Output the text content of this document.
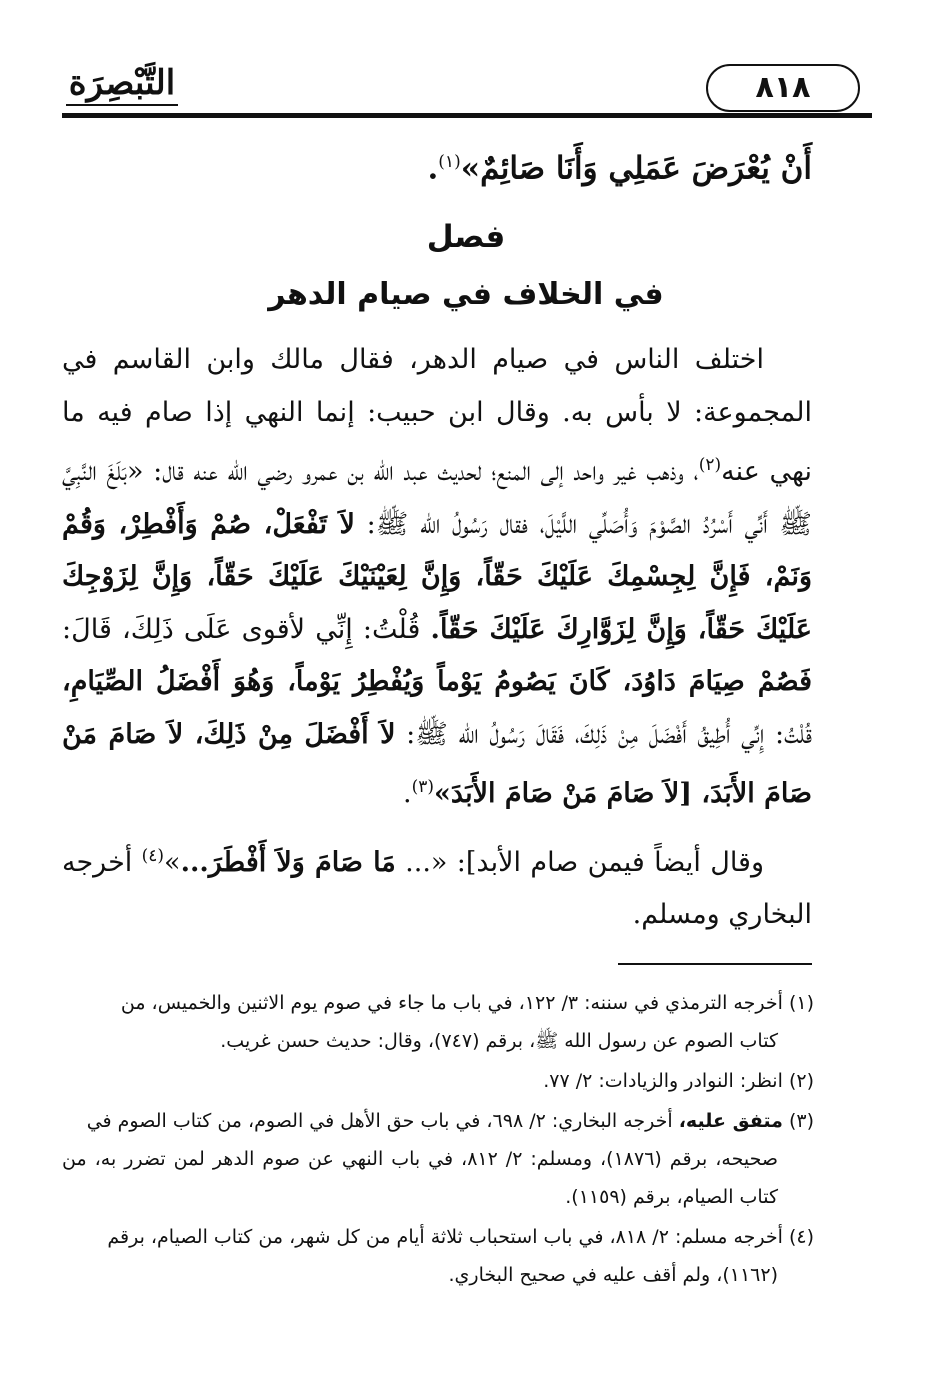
التَّبْصِرَة	٨١٨
أَنْ يُعْرَضَ عَمَلِي وَأَنَا صَائِمٌ»$^{(١)}$.
فصل
في الخلاف في صيام الدهر

اختلف الناس في صيام الدهر، فقال مالك وابن القاسم في المجموعة: لا بأس به. وقال ابن حبيب: إنما النهي إذا صام فيه ما نهي عنه$^{(٢)}$، وذهب غير واحد إلى المنع؛ لحديث عبد الله بن عمرو رضي الله عنه قال: «بَلَغَ النَّبِيَّ ﷺ أَنِّي أَسْرُدُ الصَّوْمَ وَأُصَلِّي اللَّيْلَ، فقال رَسُولُ الله ﷺ: لاَ تَفْعَلْ، صُمْ وَأَفْطِرْ، وَقُمْ وَنَمْ، فَإِنَّ لِجِسْمِكَ عَلَيْكَ حَقّاً، وَإِنَّ لِعَيْنَيْكَ عَلَيْكَ حَقّاً، وَإِنَّ لِزَوْجِكَ عَلَيْكَ حَقّاً، وَإِنَّ لِزَوَّارِكَ عَلَيْكَ حَقّاً. قُلْتُ: إِنِّي لأقوى عَلَى ذَلِكَ، قَالَ: فَصُمْ صِيَامَ دَاوُدَ، كَانَ يَصُومُ يَوْماً وَيُفْطِرُ يَوْماً، وَهُوَ أَفْضَلُ الصِّيَامِ، قُلْتُ: إِنِّي أُطِيقُ أَفْضَلَ مِنْ ذَلِكَ، فَقَالَ رَسُولُ الله ﷺ: لاَ أَفْضَلَ مِنْ ذَلِكَ، لاَ صَامَ مَنْ صَامَ الأَبَدَ، [لاَ صَامَ مَنْ صَامَ الأَبَدَ»$^{(٣)}$.

وقال أيضاً فيمن صام الأبد]: «... مَا صَامَ وَلاَ أَفْطَرَ...»$^{(٤)}$ أخرجه البخاري ومسلم.
(١) أخرجه الترمذي في سننه: ٣/ ١٢٢، في باب ما جاء في صوم يوم الاثنين والخميس، من
كتاب الصوم عن رسول الله ﷺ، برقم (٧٤٧)، وقال: حديث حسن غريب.
(٢) انظر: النوادر والزيادات: ٢/ ٧٧.
(٣) متفق عليه، أخرجه البخاري: ٢/ ٦٩٨، في باب حق الأهل في الصوم، من كتاب الصوم في
صحيحه، برقم (١٨٧٦)، ومسلم: ٢/ ٨١٢، في باب النهي عن صوم الدهر لمن تضرر به، من كتاب الصيام، برقم (١١٥٩).
(٤) أخرجه مسلم: ٢/ ٨١٨، في باب استحباب ثلاثة أيام من كل شهر، من كتاب الصيام، برقم
(١١٦٢)، ولم أقف عليه في صحيح البخاري.
